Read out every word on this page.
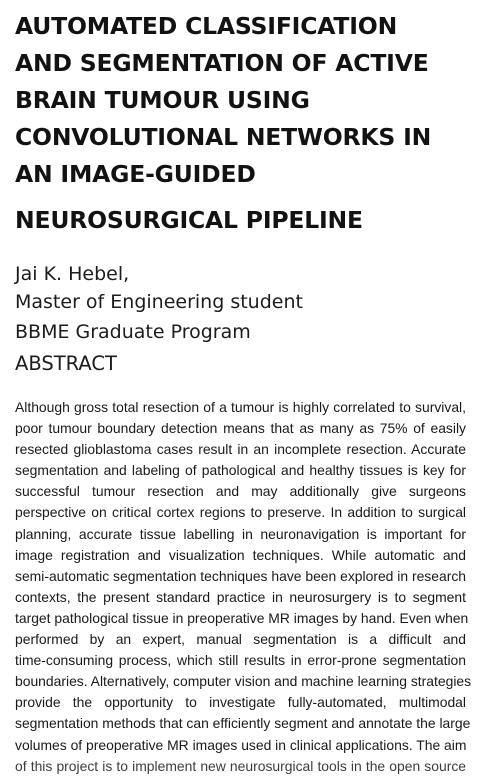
AUTOMATED CLASSIFICATION
AND SEGMENTATION OF ACTIVE
BRAIN TUMOUR USING
CONVOLUTIONAL NETWORKS IN
AN IMAGE-GUIDED
NEUROSURGICAL PIPELINE
Jai K. Hebel,
Master of Engineering student
BBME Graduate Program
ABSTRACT
Although gross total resection of a tumour is highly correlated to survival,
poor tumour boundary detection means that as many as 75% of easily
resected glioblastoma cases result in an incomplete resection. Accurate
segmentation and labeling of pathological and healthy tissues is key for
successful tumour resection and may additionally give surgeons
perspective on critical cortex regions to preserve. In addition to surgical
planning, accurate tissue labelling in neuronavigation is important for
image registration and visualization techniques. While automatic and
semi-automatic segmentation techniques have been explored in research
contexts, the present standard practice in neurosurgery is to segment
target pathological tissue in preoperative MR images by hand. Even when
performed by an expert, manual segmentation is a difficult and
time-consuming process, which still results in error-prone segmentation
boundaries. Alternatively, computer vision and machine learning strategies
provide the opportunity to investigate fully-automated, multimodal
segmentation methods that can efficiently segment and annotate the large
volumes of preoperative MR images used in clinical applications. The aim
of this project is to implement new neurosurgical tools in the open source
